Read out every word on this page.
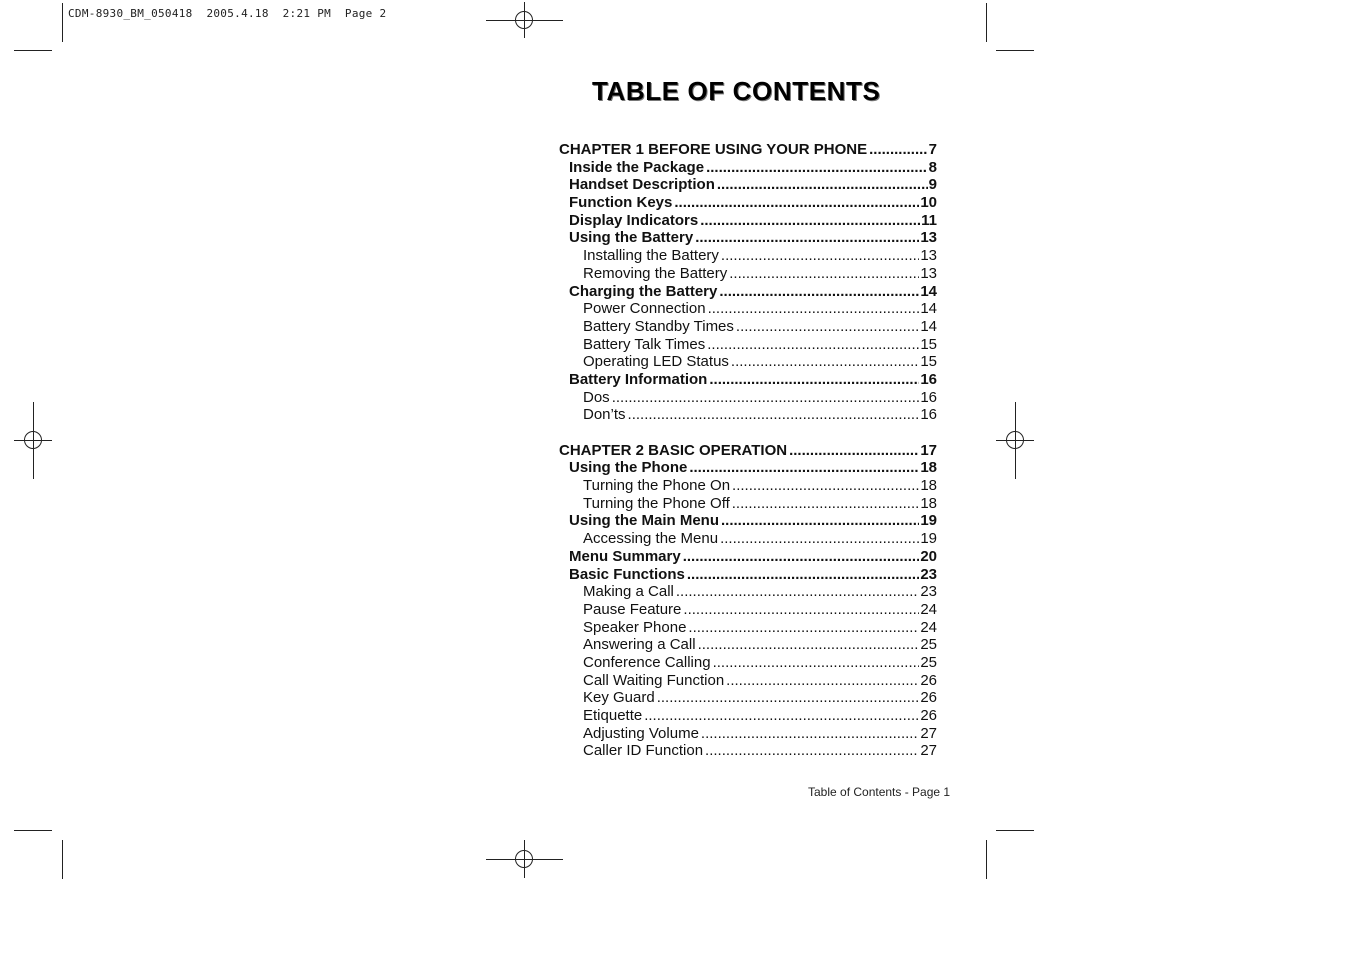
CDM-8930_BM_050418  2005.4.18  2:21 PM  Page 2
TABLE OF CONTENTS
CHAPTER 1 BEFORE USING YOUR PHONE .....	7
Inside the Package .....	8
Handset Description .....	9
Function Keys .....	10
Display Indicators .....	11
Using the Battery .....	13
Installing the Battery .....	13
Removing the Battery .....	13
Charging the Battery .....	14
Power Connection .....	14
Battery Standby Times .....	14
Battery Talk Times .....	15
Operating LED Status .....	15
Battery Information .....	16
Dos .....	16
Don’ts .....	16
CHAPTER 2 BASIC OPERATION .....	17
Using the Phone .....	18
Turning the Phone On .....	18
Turning the Phone Off .....	18
Using the Main Menu .....	19
Accessing the Menu .....	19
Menu Summary .....	20
Basic Functions .....	23
Making a Call .....	23
Pause Feature .....	24
Speaker Phone .....	24
Answering a Call .....	25
Conference Calling .....	25
Call Waiting Function .....	26
Key Guard .....	26
Etiquette .....	26
Adjusting Volume .....	27
Caller ID Function .....	27
Table of Contents - Page 1
